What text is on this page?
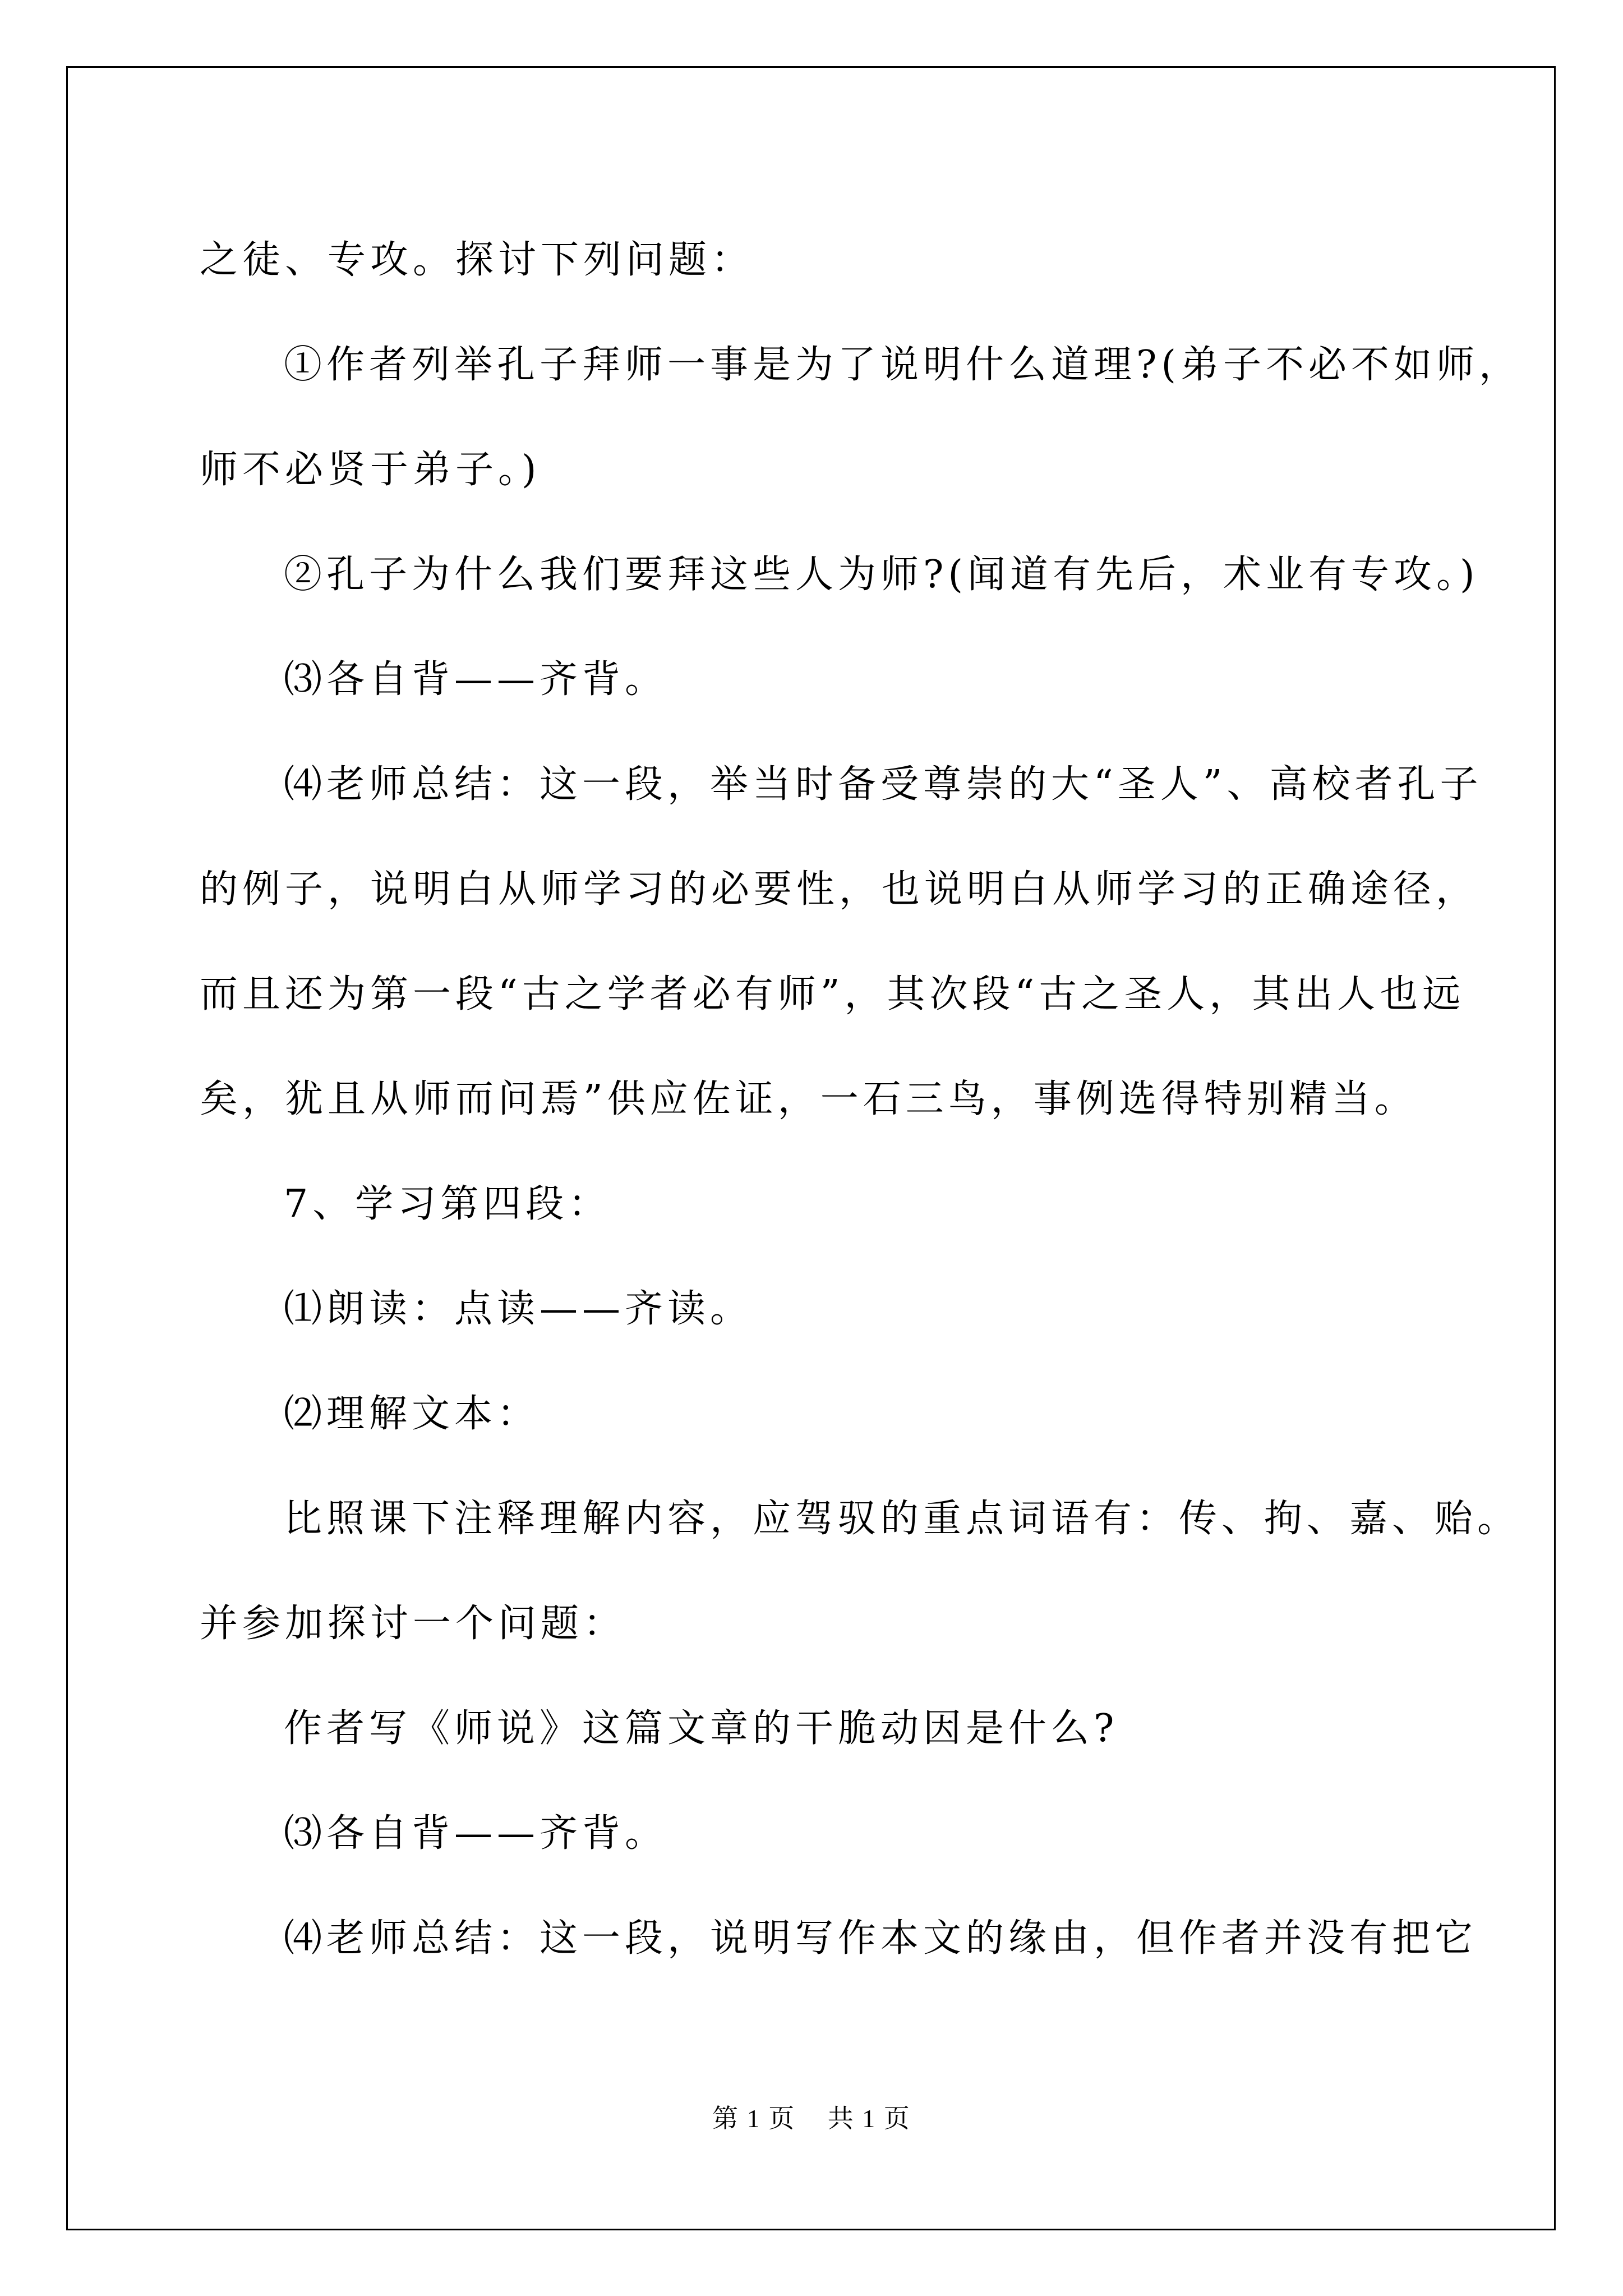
之徒、专攻。探讨下列问题：

①作者列举孔子拜师一事是为了说明什么道理?(弟子不必不如师，

师不必贤于弟子。)

②孔子为什么我们要拜这些人为师?(闻道有先后，术业有专攻。)

⑶各自背——齐背。

⑷老师总结：这一段，举当时备受尊崇的大“圣人”、高校者孔子

的例子，说明白从师学习的必要性，也说明白从师学习的正确途径，

而且还为第一段“古之学者必有师”，其次段“古之圣人，其出人也远

矣，犹且从师而问焉”供应佐证，一石三鸟，事例选得特别精当。

7、学习第四段：

⑴朗读：点读——齐读。

⑵理解文本：

比照课下注释理解内容，应驾驭的重点词语有：传、拘、嘉、贻。

并参加探讨一个问题：

作者写《师说》这篇文章的干脆动因是什么?

⑶各自背——齐背。

⑷老师总结：这一段，说明写作本文的缘由，但作者并没有把它

第 1 页 共 1 页
